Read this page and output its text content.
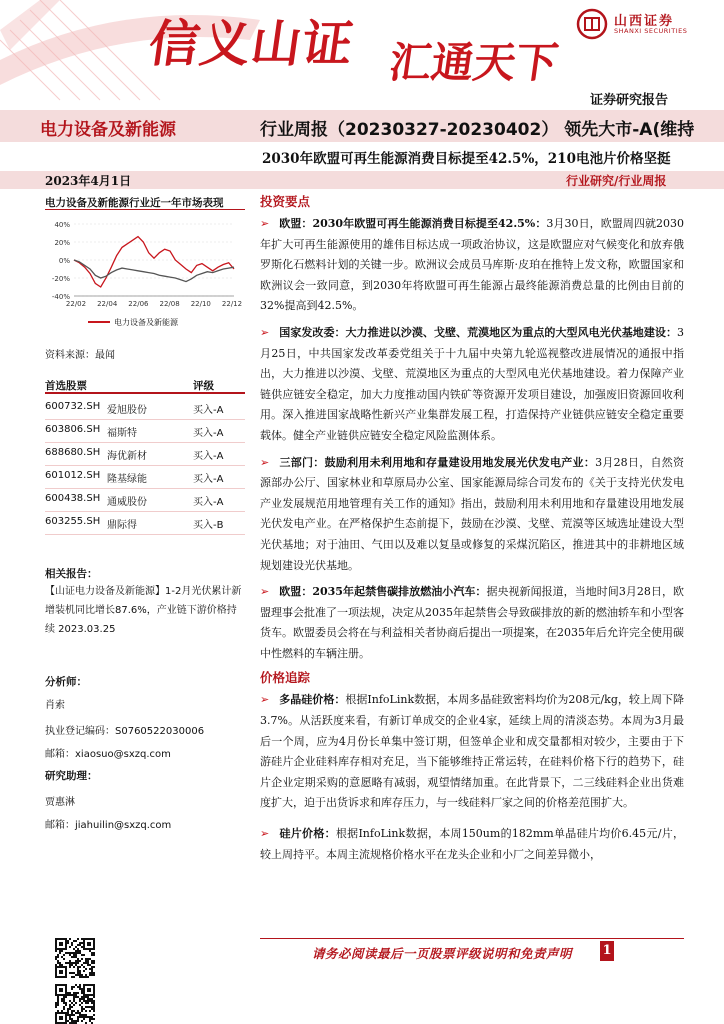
信义山证 汇通天下
山西证券
SHANXI SECURITIES
证券研究报告
电力设备及新能源	行业周报（20230327-20230402） 领先大市-A(维持
2030年欧盟可再生能源消费目标提至42.5%，210电池片价格坚挺
2023年4月1日	行业研究/行业周报
电力设备及新能源行业近一年市场表现
40%
20%
0%
-20%
-40%
22/02 22/04 22/06 22/08 22/10 22/12
电力设备及新能源
资料来源：最闻
首选股票	评级
600732.SH 爱旭股份	买入-A
603806.SH 福斯特	买入-A
688680.SH 海优新材	买入-A
601012.SH 隆基绿能	买入-A
600438.SH 通威股份	买入-A
603255.SH 鼎际得	买入-B
相关报告：
【山证电力设备及新能源】1-2月光伏累计新增装机同比增长87.6%，产业链下游价格持续 2023.03.25
分析师：
肖索
执业登记编码：S0760522030006
邮箱：xiaosuo@sxzq.com
研究助理：
贾惠淋
邮箱：jiahuilin@sxzq.com
投资要点

➢ 欧盟：2030年欧盟可再生能源消费目标提至42.5%：3月30日，欧盟周四就2030年扩大可再生能源使用的雄伟目标达成一项政治协议，这是欧盟应对气候变化和放弃俄罗斯化石燃料计划的关键一步。欧洲议会成员马库斯·皮珀在推特上发文称，欧盟国家和欧洲议会一致同意，到2030年将欧盟可再生能源占最终能源消费总量的比例由目前的32%提高到42.5%。

➢ 国家发改委：大力推进以沙漠、戈壁、荒漠地区为重点的大型风电光伏基地建设：3月25日，中共国家发改革委党组关于十九届中央第九轮巡视整改进展情况的通报中指出，大力推进以沙漠、戈壁、荒漠地区为重点的大型风电光伏基地建设。着力保障产业链供应链安全稳定，加大力度推动国内铁矿等资源开发项目建设，加强废旧资源回收利用。深入推进国家战略性新兴产业集群发展工程，打造保持产业链供应链安全稳定重要载体。健全产业链供应链安全稳定风险监测体系。

➢ 三部门：鼓励利用未利用地和存量建设用地发展光伏发电产业：3月28日，自然资源部办公厅、国家林业和草原局办公室、国家能源局综合司发布的《关于支持光伏发电产业发展规范用地管理有关工作的通知》指出，鼓励利用未利用地和存量建设用地发展光伏发电产业。在严格保护生态前提下，鼓励在沙漠、戈壁、荒漠等区域选址建设大型光伏基地；对于油田、气田以及难以复垦或修复的采煤沉陷区，推进其中的非耕地区域规划建设光伏基地。

➢ 欧盟：2035年起禁售碳排放燃油小汽车：据央视新闻报道，当地时间3月28日，欧盟理事会批准了一项法规，决定从2035年起禁售会导致碳排放的新的燃油轿车和小型客货车。欧盟委员会将在与利益相关者协商后提出一项提案，在2035年后允许完全使用碳中性燃料的车辆注册。

价格追踪

➢ 多晶硅价格：根据InfoLink数据，本周多晶硅致密料均价为208元/kg，较上周下降3.7%。从活跃度来看，有新订单成交的企业4家，延续上周的清淡态势。本周为3月最后一个周，应为4月份长单集中签订期，但签单企业和成交量都相对较少，主要由于下游硅片企业硅料库存相对充足，当下能够维持正常运转，在硅料价格下行的趋势下，硅片企业定期采购的意愿略有减弱，观望情绪加重。在此背景下，二三线硅料企业出货难度扩大，迫于出货诉求和库存压力，与一线硅料厂家之间的价格差范围扩大。

➢ 硅片价格：根据InfoLink数据，本周150um的182mm单晶硅片均价6.45元/片，较上周持平。本周主流规格价格水平在龙头企业和小厂之间差异微小，

请务必阅读最后一页股票评级说明和免责声明 1
